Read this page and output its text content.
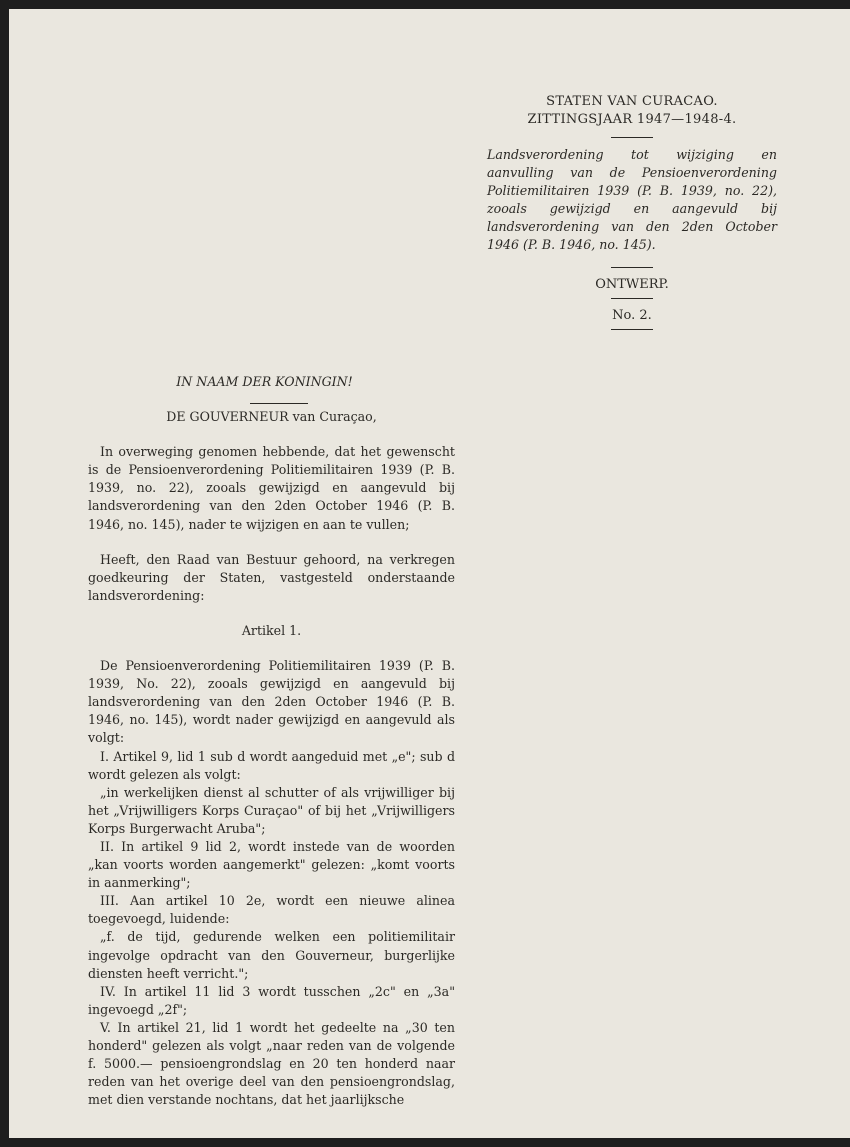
STATEN VAN CURACAO.
ZITTINGSJAAR 1947—1948-4.

Landsverordening tot wijziging en aanvulling van de Pensioenverordening Politiemilitairen 1939 (P. B. 1939, no. 22), zooals gewijzigd en aangevuld bij landsverordening van den 2den October 1946 (P. B. 1946, no. 145).

ONTWERP.
No. 2.
IN NAAM DER KONINGIN!
DE GOUVERNEUR van Curaçao,

In overweging genomen hebbende, dat het gewenscht is de Pensioenverordening Politiemilitairen 1939 (P. B. 1939, no. 22), zooals gewijzigd en aangevuld bij landsverordening van den 2den October 1946 (P. B. 1946, no. 145), nader te wijzigen en aan te vullen;

Heeft, den Raad van Bestuur gehoord, na verkregen goedkeuring der Staten, vastgesteld onderstaande landsverordening:

Artikel 1.

De Pensioenverordening Politiemilitairen 1939 (P. B. 1939, No. 22), zooals gewijzigd en aangevuld bij landsverordening van den 2den October 1946 (P. B. 1946, no. 145), wordt nader gewijzigd en aangevuld als volgt:

I. Artikel 9, lid 1 sub d wordt aangeduid met „e"; sub d wordt gelezen als volgt:

„in werkelijken dienst al schutter of als vrijwilliger bij het „Vrijwilligers Korps Curaçao" of bij het „Vrijwilligers Korps Burgerwacht Aruba";

II. In artikel 9 lid 2, wordt instede van de woorden „kan voorts worden aangemerkt" gelezen: „komt voorts in aanmerking";

III. Aan artikel 10 2e, wordt een nieuwe alinea toegevoegd, luidende:

„f. de tijd, gedurende welken een politiemilitair ingevolge opdracht van den Gouverneur, burgerlijke diensten heeft verricht.";

IV. In artikel 11 lid 3 wordt tusschen „2c" en „3a" ingevoegd „2f";

V. In artikel 21, lid 1 wordt het gedeelte na „30 ten honderd" gelezen als volgt „naar reden van de volgende f. 5000.— pensioengrondslag en 20 ten honderd naar reden van het overige deel van den pensioengrondslag, met dien verstande nochtans, dat het jaarlijksche
